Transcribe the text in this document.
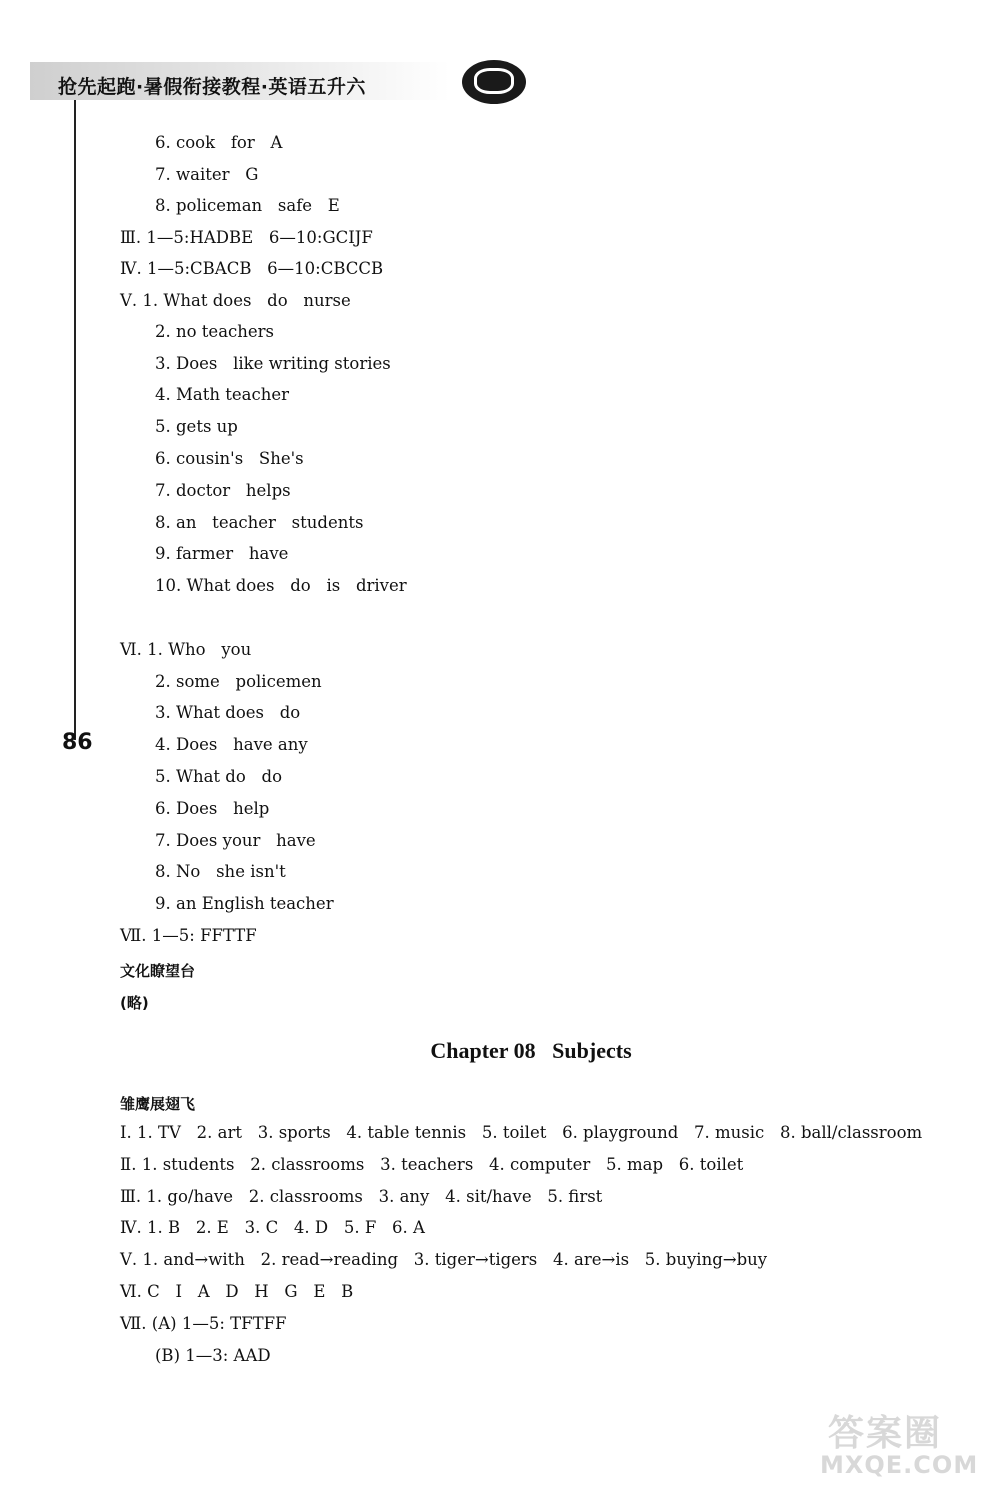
抢先起跑·暑假衔接教程·英语五升六
86
6. cook   for   A
7. waiter   G
8. policeman   safe   E
Ⅲ. 1—5:HADBE   6—10:GCIJF
Ⅳ. 1—5:CBACB   6—10:CBCCB
Ⅴ. 1. What does   do   nurse
2. no teachers
3. Does   like writing stories
4. Math teacher
5. gets up
6. cousin's   She's
7. doctor   helps
8. an   teacher   students
9. farmer   have
10. What does   do   is   driver
Ⅵ. 1. Who   you
2. some   policemen
3. What does   do
4. Does   have any
5. What do   do
6. Does   help
7. Does your   have
8. No   she isn't
9. an English teacher
Ⅶ. 1—5: FFTTF
文化瞭望台
(略)
Chapter 08   Subjects
雏鹰展翅飞
Ⅰ. 1. TV   2. art   3. sports   4. table tennis   5. toilet   6. playground   7. music   8. ball/classroom
Ⅱ. 1. students   2. classrooms   3. teachers   4. computer   5. map   6. toilet
Ⅲ. 1. go/have   2. classrooms   3. any   4. sit/have   5. first
Ⅳ. 1. B   2. E   3. C   4. D   5. F   6. A
Ⅴ. 1. and→with   2. read→reading   3. tiger→tigers   4. are→is   5. buying→buy
Ⅵ. C   I   A   D   H   G   E   B
Ⅶ. (A) 1—5: TFTFF
(B) 1—3: AAD
答案圈
MXQE.COM
